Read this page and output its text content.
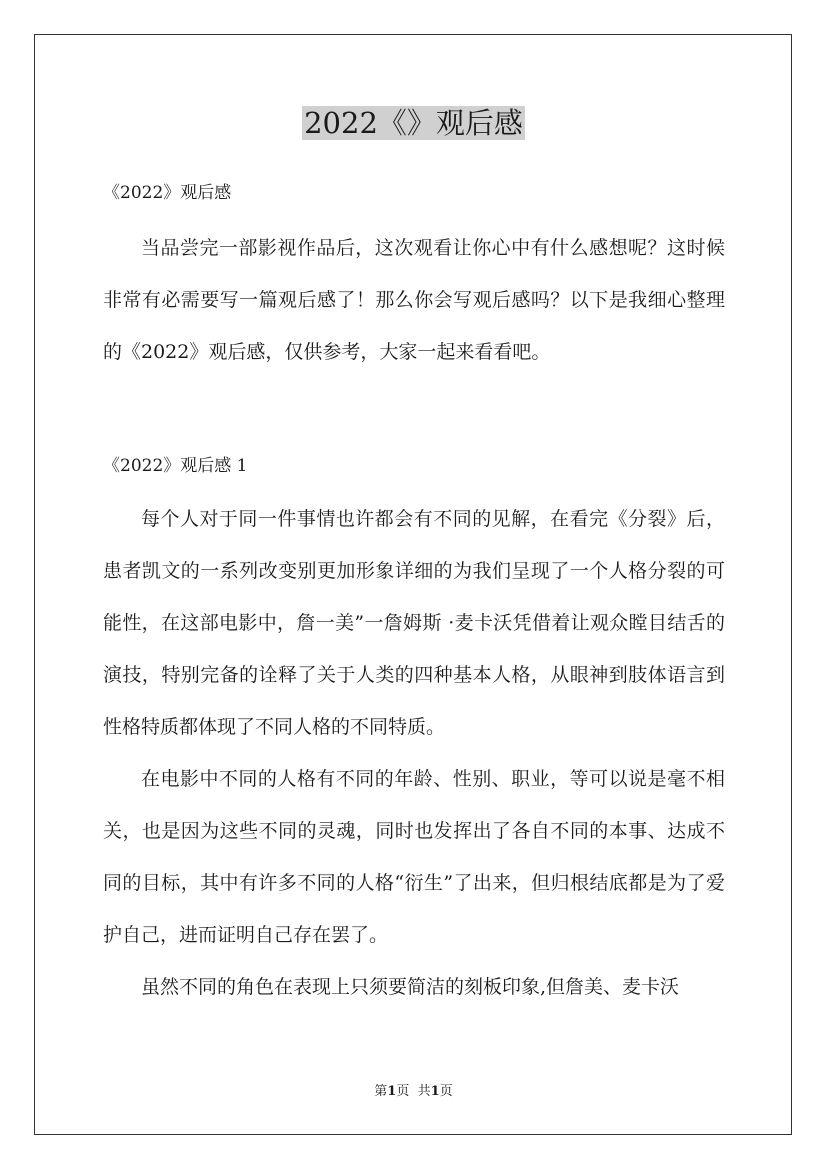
2022《》观后感
《2022》观后感

当品尝完一部影视作品后，这次观看让你心中有什么感想呢？这时候非常有必需要写一篇观后感了！那么你会写观后感吗？以下是我细心整理的《2022》观后感，仅供参考，大家一起来看看吧。

《2022》观后感 1

每个人对于同一件事情也许都会有不同的见解，在看完《分裂》后，患者凯文的一系列改变别更加形象详细的为我们呈现了一个人格分裂的可能性，在这部电影中，詹一美”一詹姆斯 ·麦卡沃凭借着让观众瞠目结舌的演技，特别完备的诠释了关于人类的四种基本人格，从眼神到肢体语言到性格特质都体现了不同人格的不同特质。

在电影中不同的人格有不同的年龄、性别、职业，等可以说是毫不相关，也是因为这些不同的灵魂，同时也发挥出了各自不同的本事、达成不同的目标，其中有许多不同的人格“衍生”了出来，但归根结底都是为了爱护自己，进而证明自己存在罢了。

虽然不同的角色在表现上只须要简洁的刻板印象,但詹美、麦卡沃

第1页 共1页
